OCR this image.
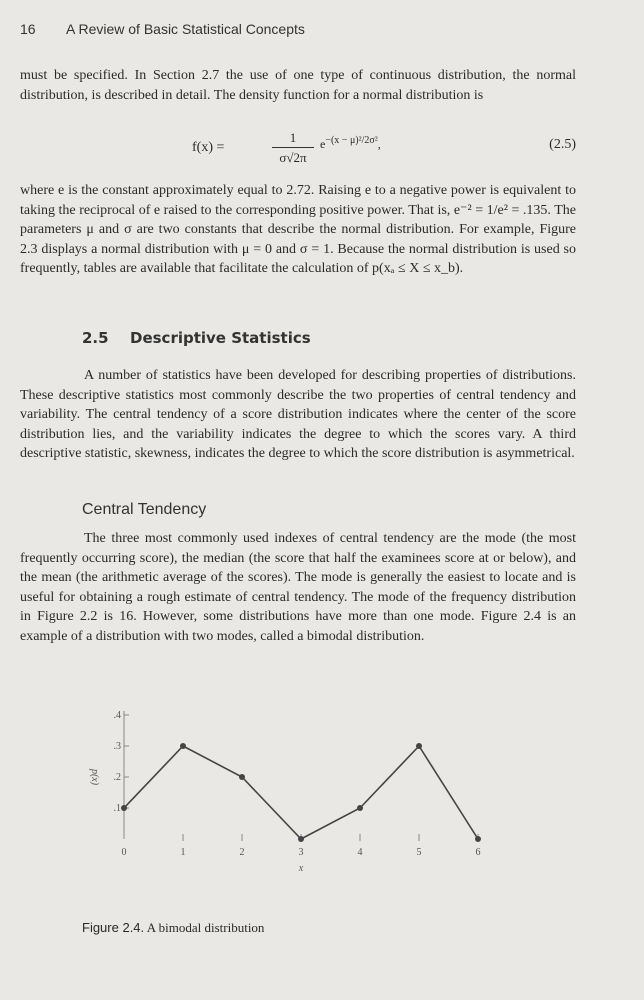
16 A Review of Basic Statistical Concepts

must be specified. In Section 2.7 the use of one type of continuous distribution, the normal distribution, is described in detail. The density function for a normal distribution is

f(x) =	$\frac{1}{\sigma√2\pi} e^{-(x - \mu)^2/2\sigma^2}$,	(2.5)

where e is the constant approximately equal to 2.72. Raising e to a negative power is equivalent to taking the reciprocal of e raised to the corresponding positive power. That is, e⁻² = 1/e² = .135. The parameters μ and σ are two constants that describe the normal distribution. For example, Figure 2.3 displays a normal distribution with μ = 0 and σ = 1. Because the normal distribution is used so frequently, tables are available that facilitate the calculation of p(xₐ ≤ X ≤ x_b).

2.5 Descriptive Statistics

A number of statistics have been developed for describing properties of distributions. These descriptive statistics most commonly describe the two properties of central tendency and variability. The central tendency of a score distribution indicates where the center of the score distribution lies, and the variability indicates the degree to which the scores vary. A third descriptive statistic, skewness, indicates the degree to which the score distribution is asymmetrical.

Central Tendency

The three most commonly used indexes of central tendency are the mode (the most frequently occurring score), the median (the score that half the examinees score at or below), and the mean (the arithmetic average of the scores). The mode is generally the easiest to locate and is useful for obtaining a rough estimate of central tendency. The mode of the frequency distribution in Figure 2.2 is 16. However, some distributions have more than one mode. Figure 2.4 is an example of a distribution with two modes, called a bimodal distribution.

.1
.2
.3
.4
0	1	2	3	4	5	6
x
p(x)
Figure 2.4. A bimodal distribution
